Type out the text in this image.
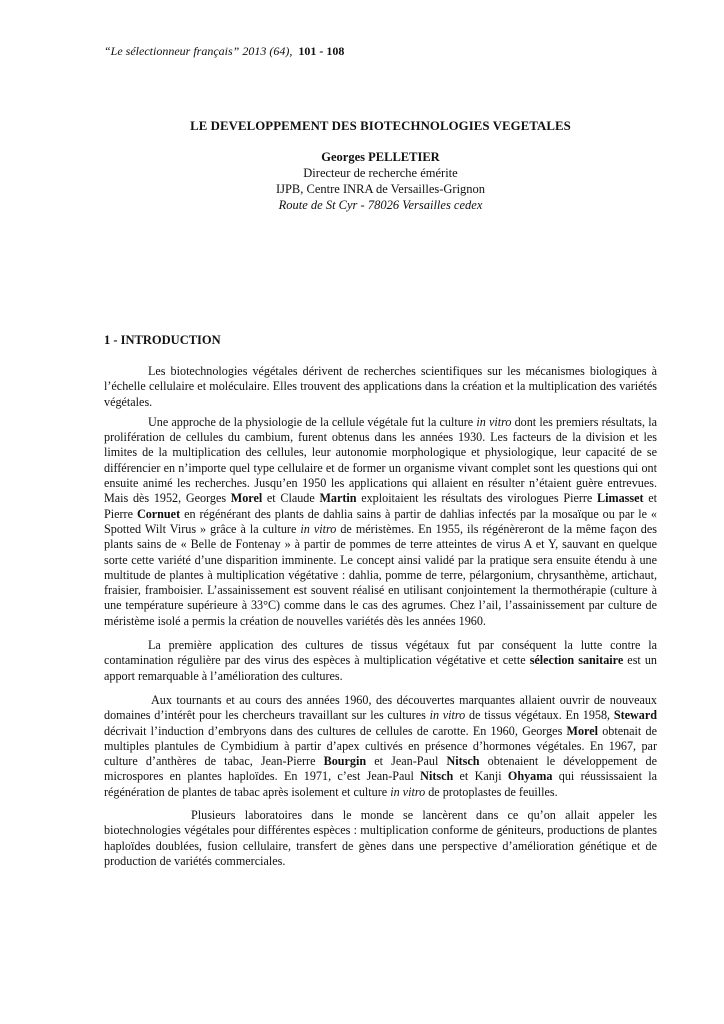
“Le sélectionneur français” 2013 (64), 101 - 108

LE DEVELOPPEMENT DES BIOTECHNOLOGIES VEGETALES

Georges PELLETIER
Directeur de recherche émérite
IJPB, Centre INRA de Versailles-Grignon
Route de St Cyr - 78026 Versailles cedex
1 - INTRODUCTION

Les biotechnologies végétales dérivent de recherches scientifiques sur les mécanismes biologiques à l’échelle cellulaire et moléculaire. Elles trouvent des applications dans la création et la multiplication des variétés végétales.

Une approche de la physiologie de la cellule végétale fut la culture in vitro dont les premiers résultats, la prolifération de cellules du cambium, furent obtenus dans les années 1930. Les facteurs de la division et les limites de la multiplication des cellules, leur autonomie morphologique et physiologique, leur capacité de se différencier en n’importe quel type cellulaire et de former un organisme vivant complet sont les questions qui ont ensuite animé les recherches. Jusqu’en 1950 les applications qui allaient en résulter n’étaient guère entrevues. Mais dès 1952, Georges Morel et Claude Martin exploitaient les résultats des virologues Pierre Limasset et Pierre Cornuet en régénérant des plants de dahlia sains à partir de dahlias infectés par la mosaïque ou par le « Spotted Wilt Virus » grâce à la culture in vitro de méristèmes. En 1955, ils régénèreront de la même façon des plants sains de « Belle de Fontenay » à partir de pommes de terre atteintes de virus A et Y, sauvant en quelque sorte cette variété d’une disparition imminente. Le concept ainsi validé par la pratique sera ensuite étendu à une multitude de plantes à multiplication végétative : dahlia, pomme de terre, pélargonium, chrysanthème, artichaut, fraisier, framboisier. L’assainissement est souvent réalisé en utilisant conjointement la thermothérapie (culture à une température supérieure à 33°C) comme dans le cas des agrumes. Chez l’ail, l’assainissement par culture de méristème isolé a permis la création de nouvelles variétés dès les années 1960.

La première application des cultures de tissus végétaux fut par conséquent la lutte contre la contamination régulière par des virus des espèces à multiplication végétative et cette sélection sanitaire est un apport remarquable à l’amélioration des cultures.

Aux tournants et au cours des années 1960, des découvertes marquantes allaient ouvrir de nouveaux domaines d’intérêt pour les chercheurs travaillant sur les cultures in vitro de tissus végétaux. En 1958, Steward décrivait l’induction d’embryons dans des cultures de cellules de carotte. En 1960, Georges Morel obtenait de multiples plantules de Cymbidium à partir d’apex cultivés en présence d’hormones végétales. En 1967, par culture d’anthères de tabac, Jean-Pierre Bourgin et Jean-Paul Nitsch obtenaient le développement de microspores en plantes haploïdes. En 1971, c’est Jean-Paul Nitsch et Kanji Ohyama qui réussissaient la régénération de plantes de tabac après isolement et culture in vitro de protoplastes de feuilles.

Plusieurs laboratoires dans le monde se lancèrent dans ce qu’on allait appeler les biotechnologies végétales pour différentes espèces : multiplication conforme de géniteurs, productions de plantes haploïdes doublées, fusion cellulaire, transfert de gènes dans une perspective d’amélioration génétique et de production de variétés commerciales.
